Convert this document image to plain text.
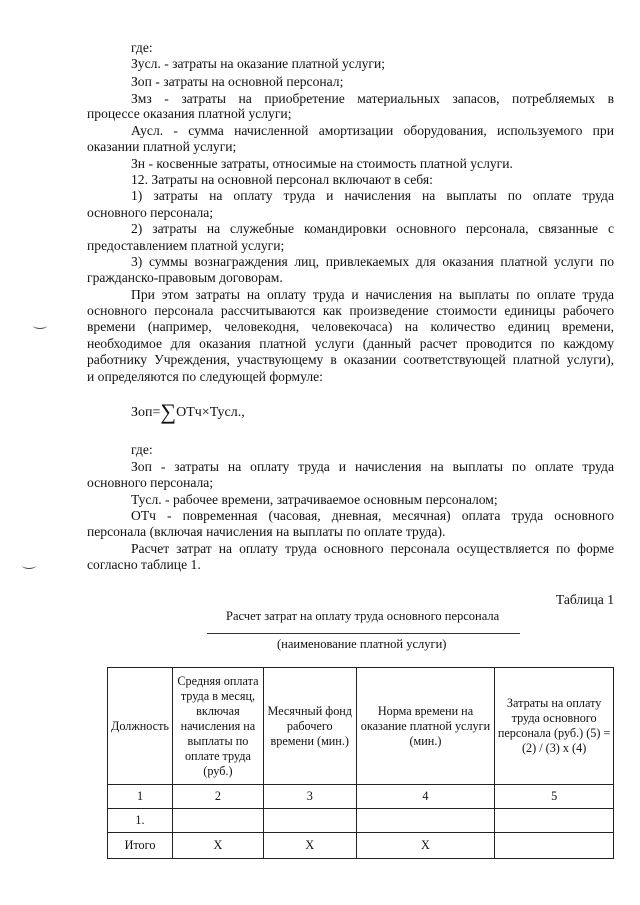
где:
Зусл. - затраты на оказание платной услуги;
Зоп - затраты на основной персонал;
Змз - затраты на приобретение материальных запасов, потребляемых в
процессе оказания платной услуги;
Аусл. - сумма начисленной амортизации оборудования, используемого при
оказании платной услуги;
Зн - косвенные затраты, относимые на стоимость платной услуги.
12. Затраты на основной персонал включают в себя:
1) затраты на оплату труда и начисления на выплаты по оплате труда
основного персонала;
2) затраты на служебные командировки основного персонала, связанные с
предоставлением платной услуги;
3) суммы вознаграждения лиц, привлекаемых для оказания платной услуги по
гражданско-правовым договорам.
При этом затраты на оплату труда и начисления на выплаты по оплате труда
основного персонала рассчитываются как произведение стоимости единицы рабочего
времени (например, человекодня, человекочаса) на количество единиц времени,
необходимое для оказания платной услуги (данный расчет проводится по каждому
работнику Учреждения, участвующему в оказании соответствующей платной услуги),
и определяются по следующей формуле:
Зоп=∑ОТч×Тусл.,
где:
Зоп - затраты на оплату труда и начисления на выплаты по оплате труда
основного персонала;
Тусл. - рабочее времени, затрачиваемое основным персоналом;
ОТч - повременная (часовая, дневная, месячная) оплата труда основного
персонала (включая начисления на выплаты по оплате труда).
Расчет затрат на оплату труда основного персонала осуществляется по форме
согласно таблице 1.
Таблица 1
Расчет затрат на оплату труда основного персонала
(наименование платной услуги)
Должность	Средняя оплата труда в месяц, включая начисления на выплаты по оплате труда (руб.)	Месячный фонд рабочего времени (мин.)	Норма времени на оказание платной услуги (мин.)	Затраты на оплату труда основного персонала (руб.) (5) = (2) / (3) х (4)
1	2	3	4	5
1.				
Итого	Х	Х	Х	
